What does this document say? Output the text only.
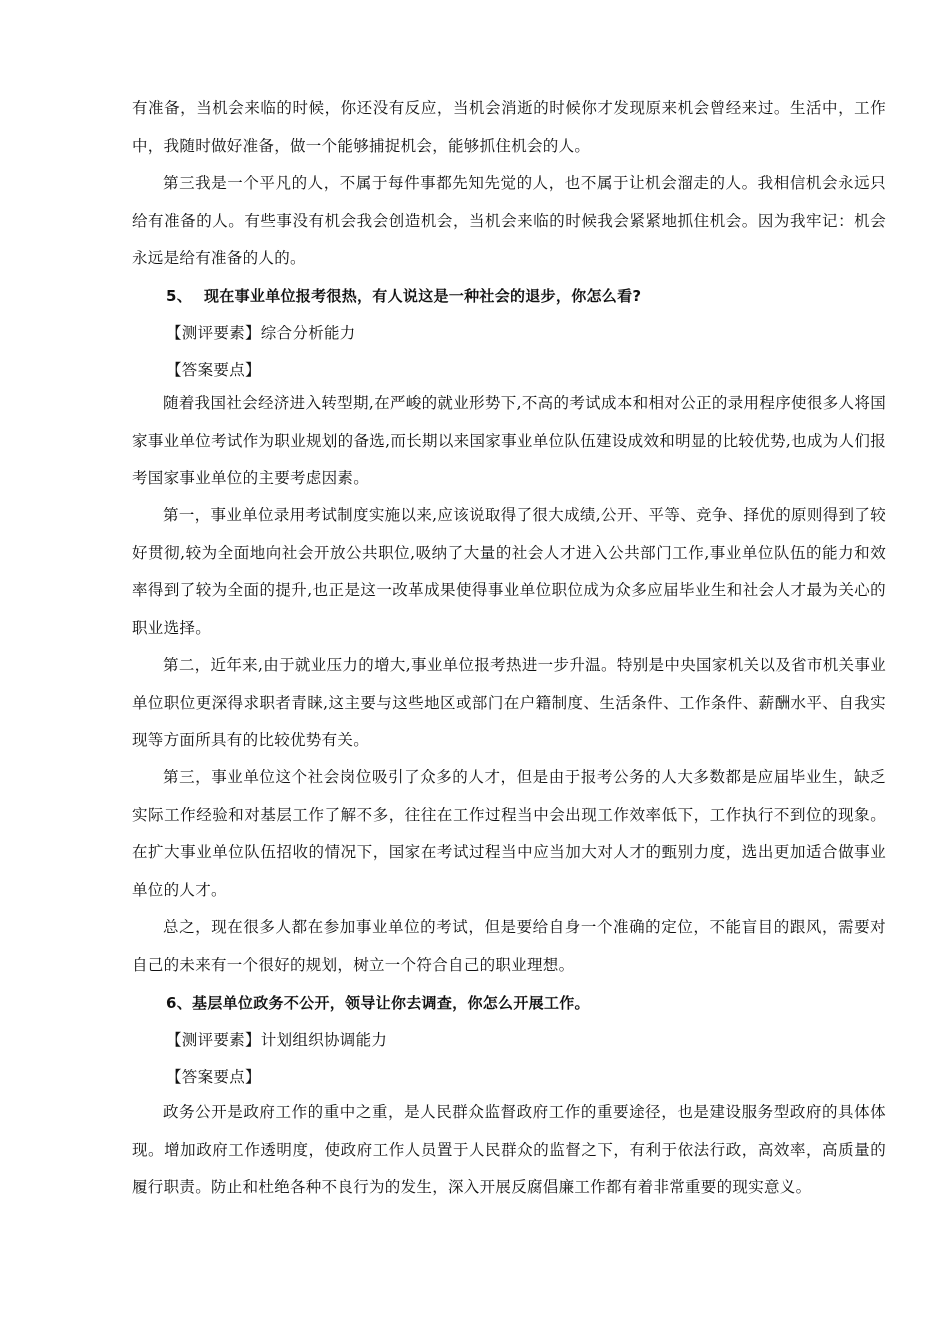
有准备，当机会来临的时候，你还没有反应，当机会消逝的时候你才发现原来机会曾经来过。生活中，工作中，我随时做好准备，做一个能够捕捉机会，能够抓住机会的人。

第三我是一个平凡的人，不属于每件事都先知先觉的人，也不属于让机会溜走的人。我相信机会永远只给有准备的人。有些事没有机会我会创造机会，当机会来临的时候我会紧紧地抓住机会。因为我牢记：机会永远是给有准备的人的。

5、 现在事业单位报考很热，有人说这是一种社会的退步，你怎么看?

【测评要素】综合分析能力

【答案要点】

随着我国社会经济进入转型期,在严峻的就业形势下,不高的考试成本和相对公正的录用程序使很多人将国家事业单位考试作为职业规划的备选,而长期以来国家事业单位队伍建设成效和明显的比较优势,也成为人们报考国家事业单位的主要考虑因素。

第一，事业单位录用考试制度实施以来,应该说取得了很大成绩,公开、平等、竞争、择优的原则得到了较好贯彻,较为全面地向社会开放公共职位,吸纳了大量的社会人才进入公共部门工作,事业单位队伍的能力和效率得到了较为全面的提升,也正是这一改革成果使得事业单位职位成为众多应届毕业生和社会人才最为关心的职业选择。

第二，近年来,由于就业压力的增大,事业单位报考热进一步升温。特别是中央国家机关以及省市机关事业单位职位更深得求职者青睐,这主要与这些地区或部门在户籍制度、生活条件、工作条件、薪酬水平、自我实现等方面所具有的比较优势有关。

第三，事业单位这个社会岗位吸引了众多的人才，但是由于报考公务的人大多数都是应届毕业生，缺乏实际工作经验和对基层工作了解不多，往往在工作过程当中会出现工作效率低下，工作执行不到位的现象。在扩大事业单位队伍招收的情况下，国家在考试过程当中应当加大对人才的甄别力度，选出更加适合做事业单位的人才。

总之，现在很多人都在参加事业单位的考试，但是要给自身一个准确的定位，不能盲目的跟风，需要对自己的未来有一个很好的规划，树立一个符合自己的职业理想。

6、基层单位政务不公开，领导让你去调查，你怎么开展工作。

【测评要素】计划组织协调能力

【答案要点】

政务公开是政府工作的重中之重，是人民群众监督政府工作的重要途径，也是建设服务型政府的具体体现。增加政府工作透明度，使政府工作人员置于人民群众的监督之下，有利于依法行政，高效率，高质量的履行职责。防止和杜绝各种不良行为的发生，深入开展反腐倡廉工作都有着非常重要的现实意义。
